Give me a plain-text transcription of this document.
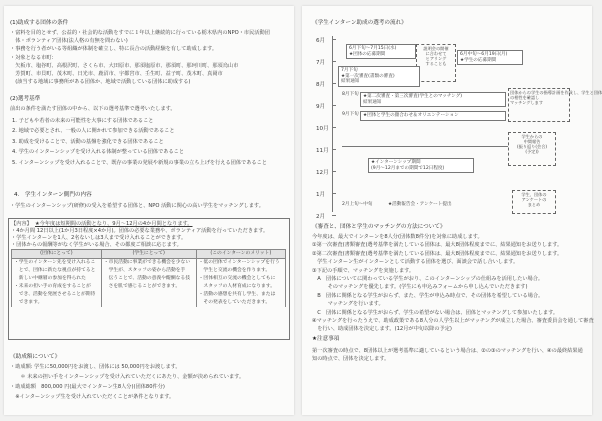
(1)助成する団体の条件
・富料を目的とせず、公益的・社会的な活動をすでに１年以上継続的に行っている栃木県内のNPO・市民活動団
　体・ボランティア団体(法人格の有無を問わない)
・事務を行う者がいる等組織が体制を確立し、特に長合の活動経験を有して助成します。
・対象となる市町：
　矢板市、塩谷町、高根沢町、さくら市、大田原市、那須塩原市、那須町、那珂川町、那須烏山市
　芳賀町、市貝町、茂木町、日光市、鹿沼市、宇都宮市、壬生町、益子町、茂木町、真岡市
　(該当する地域に事務所がある団体か、地域で活動している団体に助成する)
(2)選考基準
前出の条件を満たす団体の中から、以下の選考基準で選考いたします。
1. 子どもや若者の未来の可能性を大事にする団体であること
2. 地域で必要とされ、一般の人に開かれて参加できる活動であること
3. 助成を受けることで、活動の基盤を強化できる団体であること
4. 学生のインターンシップを受け入れる体制が整っている団体であること
5. インターンシップを受け入れることで、既存の事業の発展や新規の事業の立ち上げを行える団体であること
4.　学生インターン側門の内容
・学生のインターンシップ(研修)の受入を希望する団体と、NPO 活動に関心の高い学生をマッチングします。
【内容】 ★今年度は短期間の活動となり、9月～12月の4か月間となります。
・4か月間 12日以上(1か月3日程度×4か月)。団体の必要な業務や、ボランティア活動を行っていただきます。
・学生インターンを1人、2名ないしは3人まで受け入れることができます。
・団体からの報酬等がなく学生がいる場合、その都度ご相談に応じます。
(団体にとって)	(学生にとって)	(このインターンのメリット)
・学生のインターン先を受け入れるこ	・市民活動に事業ができる機会を少ない	・低の団体でインターンシップを行う
　とで、団体に新たな視点が持てると	　学生が、スタッフの姿から活動を手	　学生と交流の機会を作ります。
　新しい中継層の参加を得られた	　伝うことで、活動の意義や醍醐なる技	・団体相互の交流の機会としてもに
・未来の担い手の育成をすることが	　さを肌で感じることができます。	　スタッフの人材育成になります。
　でき、活動を発展させることが期待		・活動の感想を共有し学生、または
　できます。		　その発表をしていただきます。
《助成額について》
・助成額: 学生に50,000円をお渡し、団体には 50,000円をお渡します。
　　＊ 未来の担い手をインターンシップを受け入れていただくにあたり、金額が決められています。
・助成総額　800,000 円(最大でインターン生8人分)(団体80件分)
　※インターンシップ生を受け入れていただくことが条件となります。
《学生インターン助成の選考の流れ》
6月
7月
8月
9月
10月
11月
12月
1月
2月
6月下旬～7月15日(水)
★団体の応募期間	6月中旬～6月19日(月)
★学生の応募期間
説明会の開催
に合わせて
ヒアリング
することも
7月下旬
★第一次審査(書類の審査)
結果通知
8月下旬 ★第二次審査・第三次審査(学生とのマッチング)
結果通知
9月下旬 ★団体と学生の顔合わせ＆オリエンテーション
団体からの学生の指導計画を作成し、学生と団体
の相性を確認し
マッチングします
★インターンシップ期間
(9月～12月までの期間で12日程度)
学生からの
中間報告
(振り返り(会合)
(予定))
2月上旬～中旬	★活動報告会・アンケート提出
学生、団体の
アンケートの
まとめ
《審査と、団体と学生のマッチングの方法について》
今年度は、最大でインターンを8人分(団体数8件分)を対象に助成します。
①第一次審査(書類審査)選考基準を満たしている団体は、最大8団体程度までに、結果通知をお送りします。
②第二次審査(書類審査)選考基準を満たしている団体は、最大8団体程度までに、結果通知をお送りします。
　学生インターン生がインターンとして活動する団体を選び、面談会で話し合いします。
③下記の手順で、マッチングを実施します。
　A　団体についてに関わっている学生がおり、このインターンシップの仕組みを活用したい場合。
　　　そのマッチングを優先します。(学生にも申込みフォームから申し込んでいただきます)
　B　団体に関係となる学生がおらず、また、学生が申込み時点で、その団体を希望している場合。
　　　マッチングを行います。
　C　団体に関係となる学生がおらず、学生の希望がない場合は、団体とマッチングして参加いたします。
④マッチングを行ったうえで、助成政策である8人分の人学生以上がマッチングが成立した場合、審査委員会を通して審査
　を行い、助成団体を決定します。(12月が中旬以降の予定)
★注意事項
第一次審査の時点で、8団体以上が選考基準に適しているという場合は、②の③のマッチングを行い、④の最終結果通
知の時点で、団体を決定します。
